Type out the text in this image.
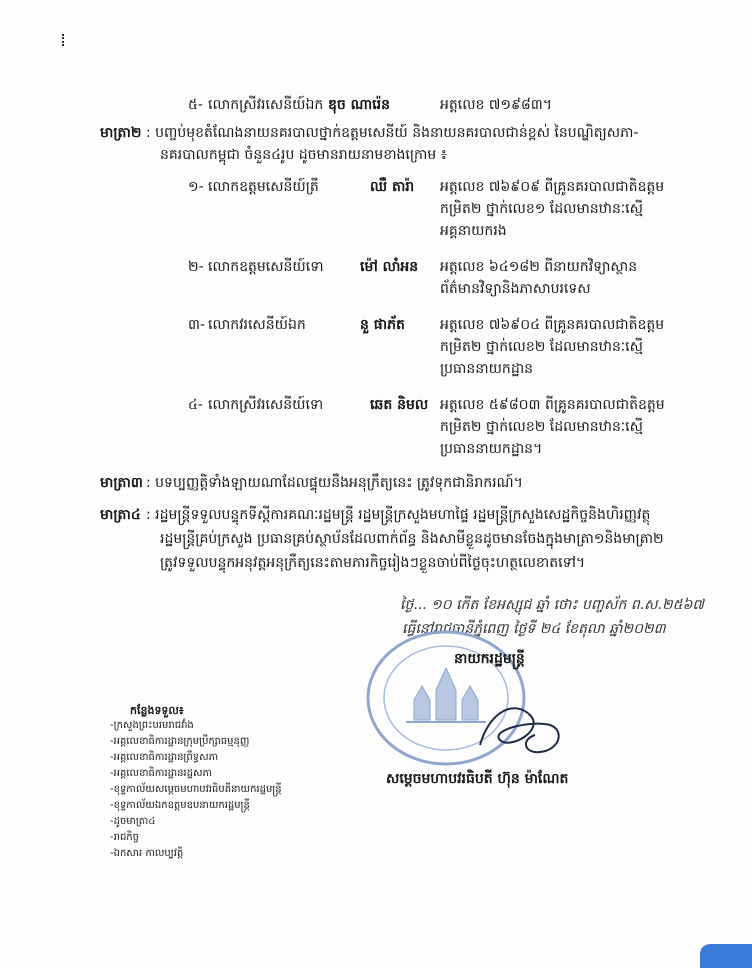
៥- លោកស្រីវរសេនីយ៍ឯក ឌុច ណារ៉េន	អត្តលេខ ៧១៩៨៣។
មាត្រា២ : បញ្ចប់មុខតំណែងនាយនគរបាលថ្នាក់ឧត្តមសេនីយ៍ និងនាយនគរបាលជាន់ខ្ពស់ នៃបណ្ឌិត្យសភា-
នគរបាលកម្ពុជា ចំនួន៤រូប ដូចមានរាយនាមខាងក្រោម ៖
១- លោកឧត្តមសេនីយ៍ត្រី	ឈឺ តារ៉ា អត្តលេខ ៧៦៩០៩ ពីគ្រូនគរបាលជាតិឧត្តម
កម្រិត២ ថ្នាក់លេខ១ ដែលមានឋានៈស្មើ
អគ្គនាយករង
២- លោកឧត្តមសេនីយ៍ទោ	ម៉ៅ លាំអន អត្តលេខ ៦៤១៨២ ពីនាយកវិទ្យាស្ថាន
ព័ត៌មានវិទ្យានិងភាសាបរទេស
៣- លោកវរសេនីយ៍ឯក	នួ ផាភ័ត	អត្តលេខ ៧៦៩០៤ ពីគ្រូនគរបាលជាតិឧត្តម
កម្រិត២ ថ្នាក់លេខ២ ដែលមានឋានៈស្មើ
ប្រធាននាយកដ្ឋាន
៤- លោកស្រីវរសេនីយ៍ទោ	ឆេត និមល អត្តលេខ ៥៩៨០៣ ពីគ្រូនគរបាលជាតិឧត្តម
កម្រិត២ ថ្នាក់លេខ២ ដែលមានឋានៈស្មើ
ប្រធាននាយកដ្ឋាន។
មាត្រា៣ : បទប្បញ្ញត្តិទាំងឡាយណាដែលផ្ទុយនឹងអនុក្រឹត្យនេះ ត្រូវទុកជានិរាករណ៍។
មាត្រា៤ : រដ្ឋមន្ត្រីទទួលបន្ទុកទីស្តីការគណៈរដ្ឋមន្ត្រី រដ្ឋមន្ត្រីក្រសួងមហាផ្ទៃ រដ្ឋមន្ត្រីក្រសួងសេដ្ឋកិច្ចនិងហិរញ្ញវត្ថុ
រដ្ឋមន្ត្រីគ្រប់ក្រសួង ប្រធានគ្រប់ស្ថាប័នដែលពាក់ព័ន្ធ និងសាមីខ្លួនដូចមានចែងក្នុងមាត្រា១និងមាត្រា២
ត្រូវទទួលបន្ទុកអនុវត្តអនុក្រឹត្យនេះតាមភារកិច្ចរៀងៗខ្លួនចាប់ពីថ្ងៃចុះហត្ថលេខាតទៅ។
ថ្ងៃ... ១០ កើត ខែអស្សុជ ឆ្នាំ ថោះ បញ្ចស័ក ព.ស.២៥៦៧
ធ្វើនៅរាជធានីភ្នំពេញ ថ្ងៃទី ២៤ ខែតុលា ឆ្នាំ២០២៣
នាយករដ្ឋមន្ត្រី
សម្តេចមហាបវរធិបតី ហ៊ុន ម៉ាណែត
កន្លែងទទួល៖
-ក្រសួងព្រះបរមរាជវាំង
-អគ្គលេខាធិការដ្ឋានក្រុមប្រឹក្សាធម្មនុញ្ញ
-អគ្គលេខាធិការដ្ឋានព្រឹទ្ធសភា
-អគ្គលេខាធិការដ្ឋានរដ្ឋសភា
-ខុទ្ទកាល័យសម្តេចមហាបវរធិបតីនាយករដ្ឋមន្ត្រី
-ខុទ្ទកាល័យឯកឧត្តមឧបនាយករដ្ឋមន្ត្រី
-ដូចមាត្រា៤
-រាជកិច្ច
-ឯកសារ កាលប្បវត្តិ
